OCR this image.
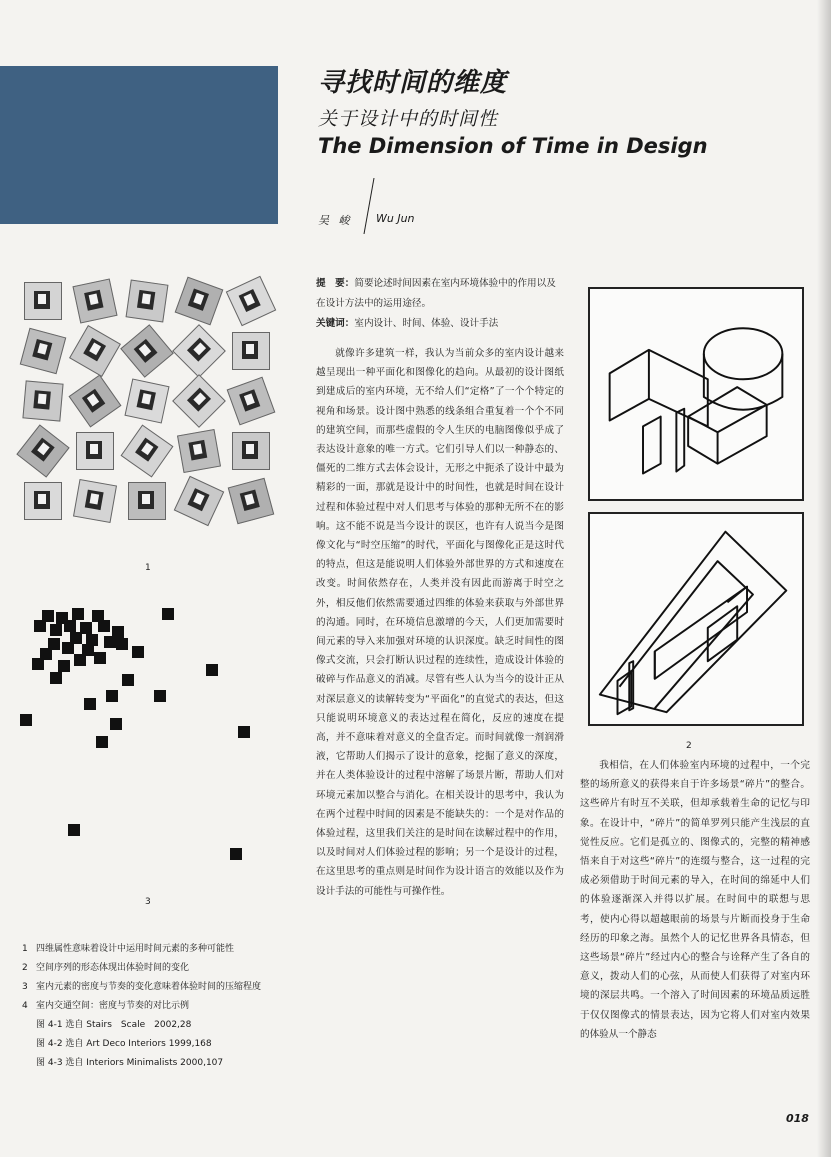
寻找时间的维度
关于设计中的时间性
The Dimension of Time in Design
吴 峻 Wu Jun
1
3
1 四维属性意味着设计中运用时间元素的多种可能性
2 空间序列的形态体现出体验时间的变化
3 室内元素的密度与节奏的变化意味着体验时间的压缩程度
4 室内交通空间：密度与节奏的对比示例
图 4-1 选自 Stairs　Scale　2002,28
图 4-2 选自 Art Deco Interiors 1999,168
图 4-3 选自 Interiors Minimalists 2000,107
提　要：简要论述时间因素在室内环境体验中的作用以及在设计方法中的运用途径。
关键词：室内设计、时间、体验、设计手法

就像许多建筑一样，我认为当前众多的室内设计越来越呈现出一种平面化和图像化的趋向。从最初的设计图纸到建成后的室内环境，无不给人们“定格”了一个个特定的视角和场景。设计图中熟悉的线条组合重复着一个个不同的建筑空间，而那些虚假的令人生厌的电脑图像似乎成了表达设计意象的唯一方式。它们引导人们以一种静态的、僵死的二维方式去体会设计，无形之中扼杀了设计中最为精彩的一面，那就是设计中的时间性，也就是时间在设计过程和体验过程中对人们思考与体验的那种无所不在的影响。这不能不说是当今设计的误区，也许有人说当今是图像文化与“时空压缩”的时代，平面化与图像化正是这时代的特点，但这是能说明人们体验外部世界的方式和速度在改变。时间依然存在，人类并没有因此而游离于时空之外，相反他们依然需要通过四维的体验来获取与外部世界的沟通。同时，在环境信息激增的今天，人们更加需要时间元素的导入来加强对环境的认识深度。缺乏时间性的图像式交流，只会打断认识过程的连续性，造成设计体验的破碎与作品意义的消减。尽管有些人认为当今的设计正从对深层意义的读解转变为“平面化”的直觉式的表达，但这只能说明环境意义的表达过程在简化，反应的速度在提高，并不意味着对意义的全盘否定。而时间就像一剂润滑液，它帮助人们揭示了设计的意象，挖掘了意义的深度，并在人类体验设计的过程中溶解了场景片断，帮助人们对环境元素加以整合与消化。在相关设计的思考中，我认为在两个过程中时间的因素是不能缺失的：一个是对作品的体验过程，这里我们关注的是时间在读解过程中的作用，以及时间对人们体验过程的影响；另一个是设计的过程，在这里思考的重点则是时间作为设计语言的效能以及作为设计手法的可能性与可操作性。

2

我相信，在人们体验室内环境的过程中，一个完整的场所意义的获得来自于许多场景“碎片”的整合。这些碎片有时互不关联，但却承载着生命的记忆与印象。在设计中，“碎片”的简单罗列只能产生浅层的直觉性反应。它们是孤立的、图像式的，完整的精神感悟来自于对这些“碎片”的连缀与整合，这一过程的完成必须借助于时间元素的导入，在时间的绵延中人们的体验逐渐深入并得以扩展。在时间中的联想与思考，使内心得以超越眼前的场景与片断而投身于生命经历的印象之海。虽然个人的记忆世界各具情态，但这些场景“碎片”经过内心的整合与诠释产生了各自的意义，拨动人们的心弦，从而使人们获得了对室内环境的深层共鸣。一个溶入了时间因素的环境品质远胜于仅仅图像式的情景表达，因为它将人们对室内效果的体验从一个静态

018
